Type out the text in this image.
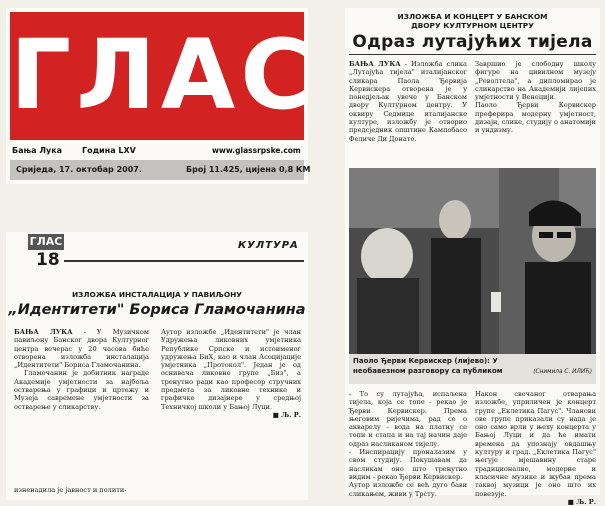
ГЛАС
Бања Лука Година LXV	www.glassrpske.com
Сриједа, 17. октобар 2007.	Број 11.425, цијена 0,8 КМ
ИЗЛОЖБА И КОНЦЕРТ У БАНСКОМ
ДВОРУ КУЛТУРНОМ ЦЕНТРУ
Одраз лутајућих тијела
БАЊА ЛУКА - Изложба слика „Лутајућа тијела" италијанског сликара Паола Ђервија Кервискера отворена је у понедјељак увече у Банском двору Културном центру. У оквиру Седмице италијанске културе, изложбу је отворио предсједник општине Кампобасо Феличе Ди Донато.

Завршио је слободну школу фигуре на цивилном музеју „Револтела", а дипломирао је сликарство на Академији лијепих умјетности у Венецији.

Паоло Ђерви Кервискер преферира модерну умјетност, дизајн, слике, студију о анатомији и ундизму.

Паоло Ђерви Кервискер (лијево): У необавезном разговору са публиком	(Снимила С. ИЛИЋ)

- То су лутајућа, испаљена тијела, која се топе - рекао је Ђерви Кервискер. Према његовим ријечима, рад се о акварелу - вода на платну се топи и стапа и на тај начин даје одраз насликаном тијелу.

- Инспирацију проналазим у свом студију. Покушавам да насликам оно што тренутно видим - рекао Ђерви Кервискер.

Аутор изложбе се већ дуго бави сликањем, живи у Трсту.

Након свечаног отварања изложбе, уприличен је концерт групе „Еклетика Пагус". Чланови ове групе приказали су нада је оно само врли у њеху концерта у Бањој Луци и да ће имати времена да упознају овдашњу културу и град. „Еклетика Пагус" његује мјешавину старе традиционалне, модерне и класичне музике и жубав према таквој музици је оно што их повезује.

■ Љ. Р.
ГЛАС
18
КУЛТУРА
ИЗЛОЖБА ИНСТАЛАЦИЈА У ПАВИЉОНУ
„Идентитети" Бориса Гламочанина
БАЊА ЛУКА - У Музичком павиљону Банског двора Културног центра вечерас у 20 часова биће отворена изложба инсталација „Идентитети" Бориса Гламочанина.

Гламочанин је добитник награде Академије умјетности за најбоља остварења у графици и цртежу и Музеја савремене умјетности за остварење у сликарству.

Аутор изложбе „Идентитети" је члан Удружења ликовних умјетника Републике Српске и истоименог удружења БиХ, као и члан Асоцијације умјетника „Протокол". Један је од оснивача ликовне групе „Биз", а тренутно ради као професор стручних предмета за ликовне технике и графичке дизајнере у средњој Техничкој школи у Бањој Луци.

■ Љ. Р.
изненадила је јавност и полити-
